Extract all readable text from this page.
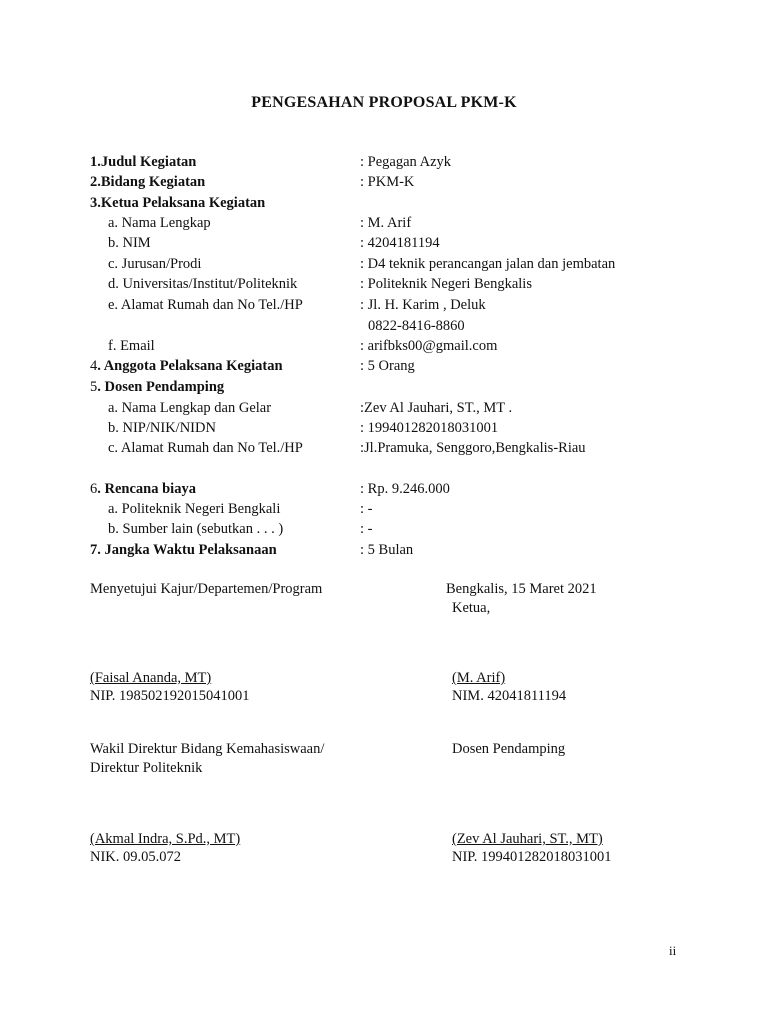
PENGESAHAN PROPOSAL PKM-K
1.Judul Kegiatan	: Pegagan Azyk
2.Bidang Kegiatan	: PKM-K
3.Ketua Pelaksana Kegiatan
a. Nama Lengkap	: M. Arif
b. NIM	: 4204181194
c. Jurusan/Prodi	: D4 teknik perancangan jalan dan jembatan
d. Universitas/Institut/Politeknik	: Politeknik Negeri Bengkalis
e. Alamat Rumah dan No Tel./HP	: Jl. H. Karim , Deluk
0822-8416-8860
f. Email	: arifbks00@gmail.com
4. Anggota Pelaksana Kegiatan	: 5 Orang
5. Dosen Pendamping
a. Nama Lengkap dan Gelar	:Zev Al Jauhari, ST., MT .
b. NIP/NIK/NIDN	: 199401282018031001
c. Alamat Rumah dan No Tel./HP	:Jl.Pramuka, Senggoro,Bengkalis-Riau
6. Rencana biaya	: Rp. 9.246.000
a. Politeknik Negeri Bengkali	: -
b. Sumber lain (sebutkan . . . )	: -
7. Jangka Waktu Pelaksanaan	: 5 Bulan
Menyetujui Kajur/Departemen/Program	Bengkalis, 15 Maret 2021
Ketua,
(Faisal Ananda, MT)
NIP. 198502192015041001
(M. Arif)
NIM. 42041811194
Wakil Direktur Bidang Kemahasiswaan/
Direktur Politeknik
Dosen Pendamping
(Akmal Indra, S.Pd., MT)
NIK. 09.05.072
(Zev Al Jauhari, ST., MT)
NIP. 199401282018031001
ii
